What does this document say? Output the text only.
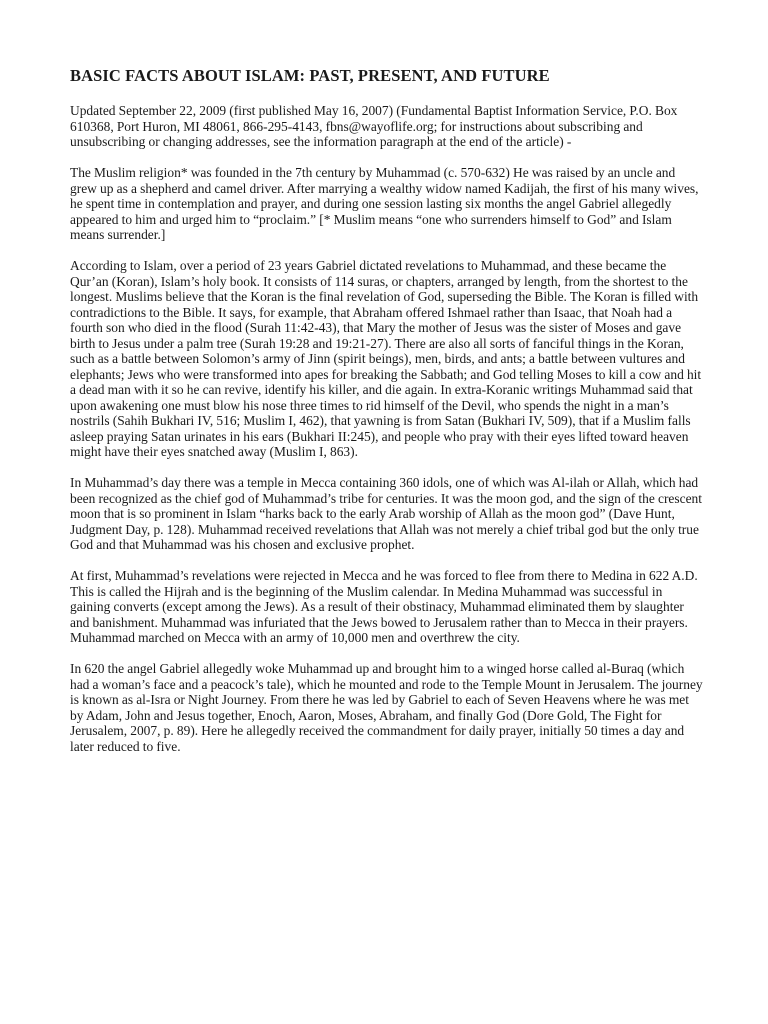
BASIC FACTS ABOUT ISLAM: PAST, PRESENT, AND FUTURE

Updated September 22, 2009 (first published May 16, 2007) (Fundamental Baptist Information Service, P.O. Box 610368, Port Huron, MI 48061, 866-295-4143, fbns@wayoflife.org; for instructions about subscribing and unsubscribing or changing addresses, see the information paragraph at the end of the article) -

The Muslim religion* was founded in the 7th century by Muhammad (c. 570-632) He was raised by an uncle and grew up as a shepherd and camel driver. After marrying a wealthy widow named Kadijah, the first of his many wives, he spent time in contemplation and prayer, and during one session lasting six months the angel Gabriel allegedly appeared to him and urged him to “proclaim.” [* Muslim means “one who surrenders himself to God” and Islam means surrender.]

According to Islam, over a period of 23 years Gabriel dictated revelations to Muhammad, and these became the Qur’an (Koran), Islam’s holy book. It consists of 114 suras, or chapters, arranged by length, from the shortest to the longest. Muslims believe that the Koran is the final revelation of God, superseding the Bible. The Koran is filled with contradictions to the Bible. It says, for example, that Abraham offered Ishmael rather than Isaac, that Noah had a fourth son who died in the flood (Surah 11:42-43), that Mary the mother of Jesus was the sister of Moses and gave birth to Jesus under a palm tree (Surah 19:28 and 19:21-27). There are also all sorts of fanciful things in the Koran, such as a battle between Solomon’s army of Jinn (spirit beings), men, birds, and ants; a battle between vultures and elephants; Jews who were transformed into apes for breaking the Sabbath; and God telling Moses to kill a cow and hit a dead man with it so he can revive, identify his killer, and die again. In extra-Koranic writings Muhammad said that upon awakening one must blow his nose three times to rid himself of the Devil, who spends the night in a man’s nostrils (Sahih Bukhari IV, 516; Muslim I, 462), that yawning is from Satan (Bukhari IV, 509), that if a Muslim falls asleep praying Satan urinates in his ears (Bukhari II:245), and people who pray with their eyes lifted toward heaven might have their eyes snatched away (Muslim I, 863).

In Muhammad’s day there was a temple in Mecca containing 360 idols, one of which was Al-ilah or Allah, which had been recognized as the chief god of Muhammad’s tribe for centuries. It was the moon god, and the sign of the crescent moon that is so prominent in Islam “harks back to the early Arab worship of Allah as the moon god” (Dave Hunt, Judgment Day, p. 128). Muhammad received revelations that Allah was not merely a chief tribal god but the only true God and that Muhammad was his chosen and exclusive prophet.

At first, Muhammad’s revelations were rejected in Mecca and he was forced to flee from there to Medina in 622 A.D. This is called the Hijrah and is the beginning of the Muslim calendar. In Medina Muhammad was successful in gaining converts (except among the Jews). As a result of their obstinacy, Muhammad eliminated them by slaughter and banishment. Muhammad was infuriated that the Jews bowed to Jerusalem rather than to Mecca in their prayers. Muhammad marched on Mecca with an army of 10,000 men and overthrew the city.

In 620 the angel Gabriel allegedly woke Muhammad up and brought him to a winged horse called al-Buraq (which had a woman’s face and a peacock’s tale), which he mounted and rode to the Temple Mount in Jerusalem. The journey is known as al-Isra or Night Journey. From there he was led by Gabriel to each of Seven Heavens where he was met by Adam, John and Jesus together, Enoch, Aaron, Moses, Abraham, and finally God (Dore Gold, The Fight for Jerusalem, 2007, p. 89). Here he allegedly received the commandment for daily prayer, initially 50 times a day and later reduced to five.
